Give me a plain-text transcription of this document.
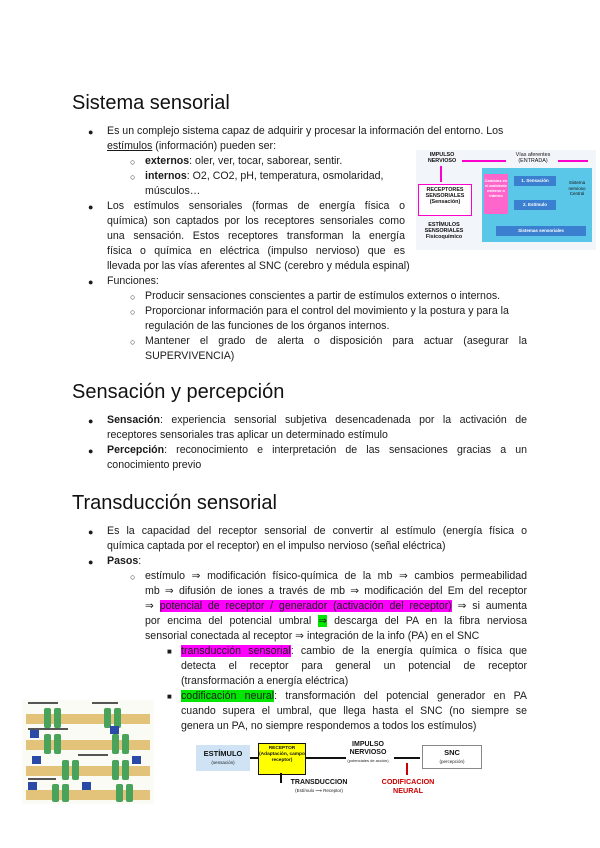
Sistema sensorial
● Es un complejo sistema capaz de adquirir y procesar la información del entorno. Los
estímulos (información) pueden ser:
○ externos: oler, ver, tocar, saborear, sentir.
○ internos: O2, CO2, pH, temperatura, osmolaridad,
músculos…
● Los estímulos sensoriales (formas de energía física o
química) son captados por los receptores sensoriales como
una sensación. Estos receptores transforman la energía
física o química en eléctrica (impulso nervioso) que es
llevada por las vías aferentes al SNC (cerebro y médula espinal)
● Funciones:
○ Producir sensaciones conscientes a partir de estímulos externos o internos.
○ Proporcionar información para el control del movimiento y la postura y para la
regulación de las funciones de los órganos internos.
○ Mantener el grado de alerta o disposición para actuar (asegurar la
SUPERVIVENCIA)
IMPULSO NERVIOSO
Vías aferentes (ENTRADA)
RECEPTORES SENSORIALES (Sensación)
ESTÍMULOS SENSORIALES Fisicoquímico
Cambios en el ambiente externo o interno
1. Sensación
2. Estímulo
Sistema nervioso Central
Sistemas sensoriales
Sensación y percepción
● Sensación: experiencia sensorial subjetiva desencadenada por la activación de
receptores sensoriales tras aplicar un determinado estímulo
● Percepción: reconocimiento e interpretación de las sensaciones gracias a un
conocimiento previo
Transducción sensorial
● Es la capacidad del receptor sensorial de convertir al estímulo (energía física o
química captada por el receptor) en el impulso nervioso (señal eléctrica)
● Pasos:
○ estímulo ⇒ modificación físico-química de la mb ⇒ cambios permeabilidad
mb ⇒ difusión de iones a través de mb ⇒ modificación del Em del receptor
⇒ potencial de receptor / generador (activación del receptor) ⇒ si aumenta
por encima del potencial umbral ⇒ descarga del PA en la fibra nerviosa
sensorial conectada al receptor ⇒ integración de la info (PA) en el SNC
■ transducción sensorial: cambio de la energía química o física que
detecta el receptor para general un potencial de receptor
(transformación a energía eléctrica)
■ codificación neural: transformación del potencial generador en PA
cuando supera el umbral, que llega hasta el SNC (no siempre se
genera un PA, no siempre respondemos a todos los estímulos)
ESTÍMULO
(sensación)
RECEPTOR (Adaptación, campo receptor)
IMPULSO NERVIOSO
(potenciales de acción)
SNC
(percepción)
TRANSDUCCION
(Estímulo ⟶ Receptor)
CODIFICACION NEURAL
